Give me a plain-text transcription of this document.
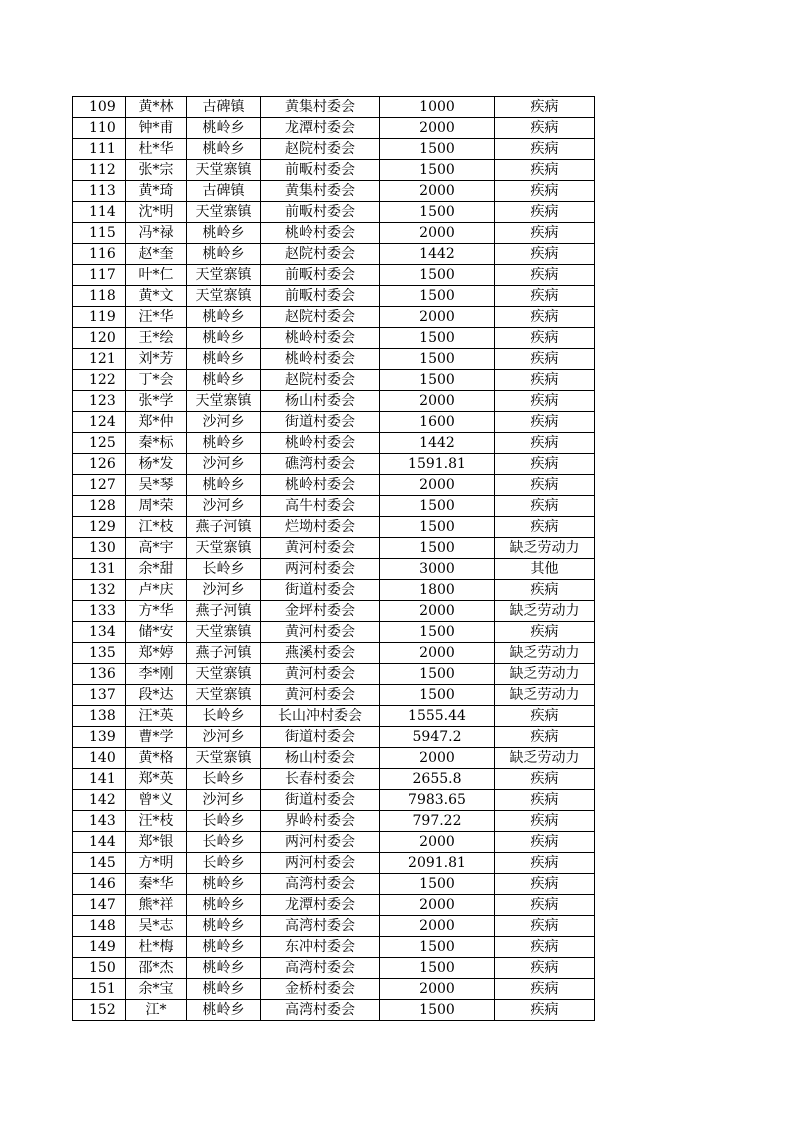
109	黄*林	古碑镇	黄集村委会	1000	疾病
110	钟*甫	桃岭乡	龙潭村委会	2000	疾病
111	杜*华	桃岭乡	赵院村委会	1500	疾病
112	张*宗	天堂寨镇	前畈村委会	1500	疾病
113	黄*琦	古碑镇	黄集村委会	2000	疾病
114	沈*明	天堂寨镇	前畈村委会	1500	疾病
115	冯*禄	桃岭乡	桃岭村委会	2000	疾病
116	赵*奎	桃岭乡	赵院村委会	1442	疾病
117	叶*仁	天堂寨镇	前畈村委会	1500	疾病
118	黄*文	天堂寨镇	前畈村委会	1500	疾病
119	汪*华	桃岭乡	赵院村委会	2000	疾病
120	王*绘	桃岭乡	桃岭村委会	1500	疾病
121	刘*芳	桃岭乡	桃岭村委会	1500	疾病
122	丁*会	桃岭乡	赵院村委会	1500	疾病
123	张*学	天堂寨镇	杨山村委会	2000	疾病
124	郑*仲	沙河乡	街道村委会	1600	疾病
125	秦*标	桃岭乡	桃岭村委会	1442	疾病
126	杨*发	沙河乡	礁湾村委会	1591.81	疾病
127	吴*琴	桃岭乡	桃岭村委会	2000	疾病
128	周*荣	沙河乡	高牛村委会	1500	疾病
129	江*枝	燕子河镇	烂坳村委会	1500	疾病
130	高*宇	天堂寨镇	黄河村委会	1500	缺乏劳动力
131	余*甜	长岭乡	两河村委会	3000	其他
132	卢*庆	沙河乡	街道村委会	1800	疾病
133	方*华	燕子河镇	金坪村委会	2000	缺乏劳动力
134	储*安	天堂寨镇	黄河村委会	1500	疾病
135	郑*婷	燕子河镇	燕溪村委会	2000	缺乏劳动力
136	李*刚	天堂寨镇	黄河村委会	1500	缺乏劳动力
137	段*达	天堂寨镇	黄河村委会	1500	缺乏劳动力
138	汪*英	长岭乡	长山冲村委会	1555.44	疾病
139	曹*学	沙河乡	街道村委会	5947.2	疾病
140	黄*格	天堂寨镇	杨山村委会	2000	缺乏劳动力
141	郑*英	长岭乡	长春村委会	2655.8	疾病
142	曾*义	沙河乡	街道村委会	7983.65	疾病
143	汪*枝	长岭乡	界岭村委会	797.22	疾病
144	郑*银	长岭乡	两河村委会	2000	疾病
145	方*明	长岭乡	两河村委会	2091.81	疾病
146	秦*华	桃岭乡	高湾村委会	1500	疾病
147	熊*祥	桃岭乡	龙潭村委会	2000	疾病
148	吴*志	桃岭乡	高湾村委会	2000	疾病
149	杜*梅	桃岭乡	东冲村委会	1500	疾病
150	邵*杰	桃岭乡	高湾村委会	1500	疾病
151	余*宝	桃岭乡	金桥村委会	2000	疾病
152	江*	桃岭乡	高湾村委会	1500	疾病
